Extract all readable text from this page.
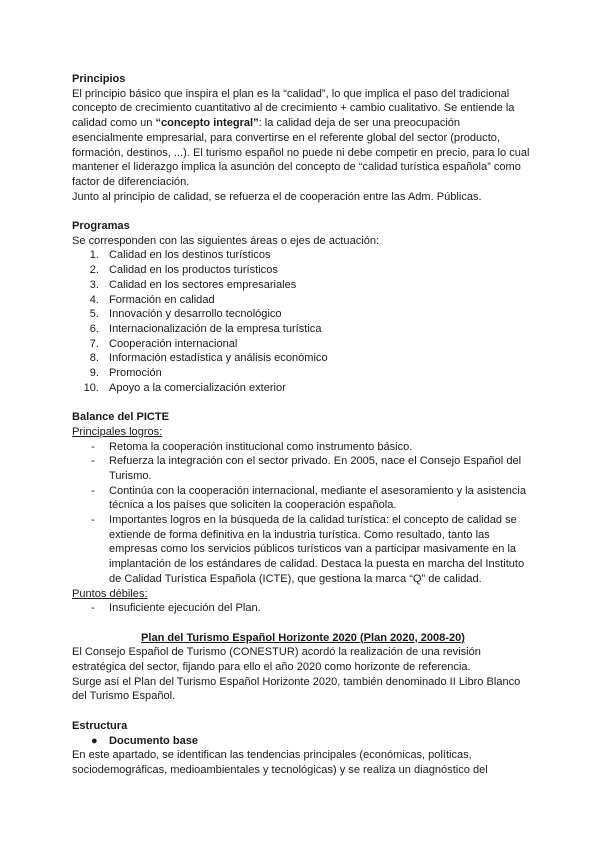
Principios

El principio básico que inspira el plan es la “calidad”, lo que implica el paso del tradicional concepto de crecimiento cuantitativo al de crecimiento + cambio cualitativo. Se entiende la calidad como un “concepto integral”: la calidad deja de ser una preocupación esencialmente empresarial, para convertirse en el referente global del sector (producto, formación, destinos, ...). El turismo español no puede ni debe competir en precio, para lo cual mantener el liderazgo implica la asunción del concepto de “calidad turística española” como factor de diferenciación.

Junto al principio de calidad, se refuerza el de cooperación entre las Adm. Públicas.

Programas

Se corresponden con las siguientes áreas o ejes de actuación:

1. Calidad en los destinos turísticos
2. Calidad en los productos turísticos
3. Calidad en los sectores empresariales
4. Formación en calidad
5. Innovación y desarrollo tecnológico
6. Internacionalización de la empresa turística
7. Cooperación internacional
8. Información estadística y análisis económico
9. Promoción
10. Apoyo a la comercialización exterior

Balance del PICTE

Principales logros:

- Retoma la cooperación institucional como instrumento básico.
- Refuerza la integración con el sector privado. En 2005, nace el Consejo Español del Turismo.
- Continúa con la cooperación internacional, mediante el asesoramiento y la asistencia técnica a los países que soliciten la cooperación española.
- Importantes logros en la búsqueda de la calidad turística: el concepto de calidad se extiende de forma definitiva en la industria turística. Como resultado, tanto las empresas como los servicios públicos turísticos van a participar masivamente en la implantación de los estándares de calidad. Destaca la puesta en marcha del Instituto de Calidad Turística Española (ICTE), que gestiona la marca “Q” de calidad.

Puntos débiles:

- Insuficiente ejecución del Plan.

Plan del Turismo Español Horizonte 2020 (Plan 2020, 2008-20)

El Consejo Español de Turismo (CONESTUR) acordó la realización de una revisión estratégica del sector, fijando para ello el año 2020 como horizonte de referencia.

Surge así el Plan del Turismo Español Horizonte 2020, también denominado II Libro Blanco del Turismo Español.

Estructura

● Documento base

En este apartado, se identifican las tendencias principales (económicas, políticas, sociodemográficas, medioambientales y tecnológicas) y se realiza un diagnóstico del
